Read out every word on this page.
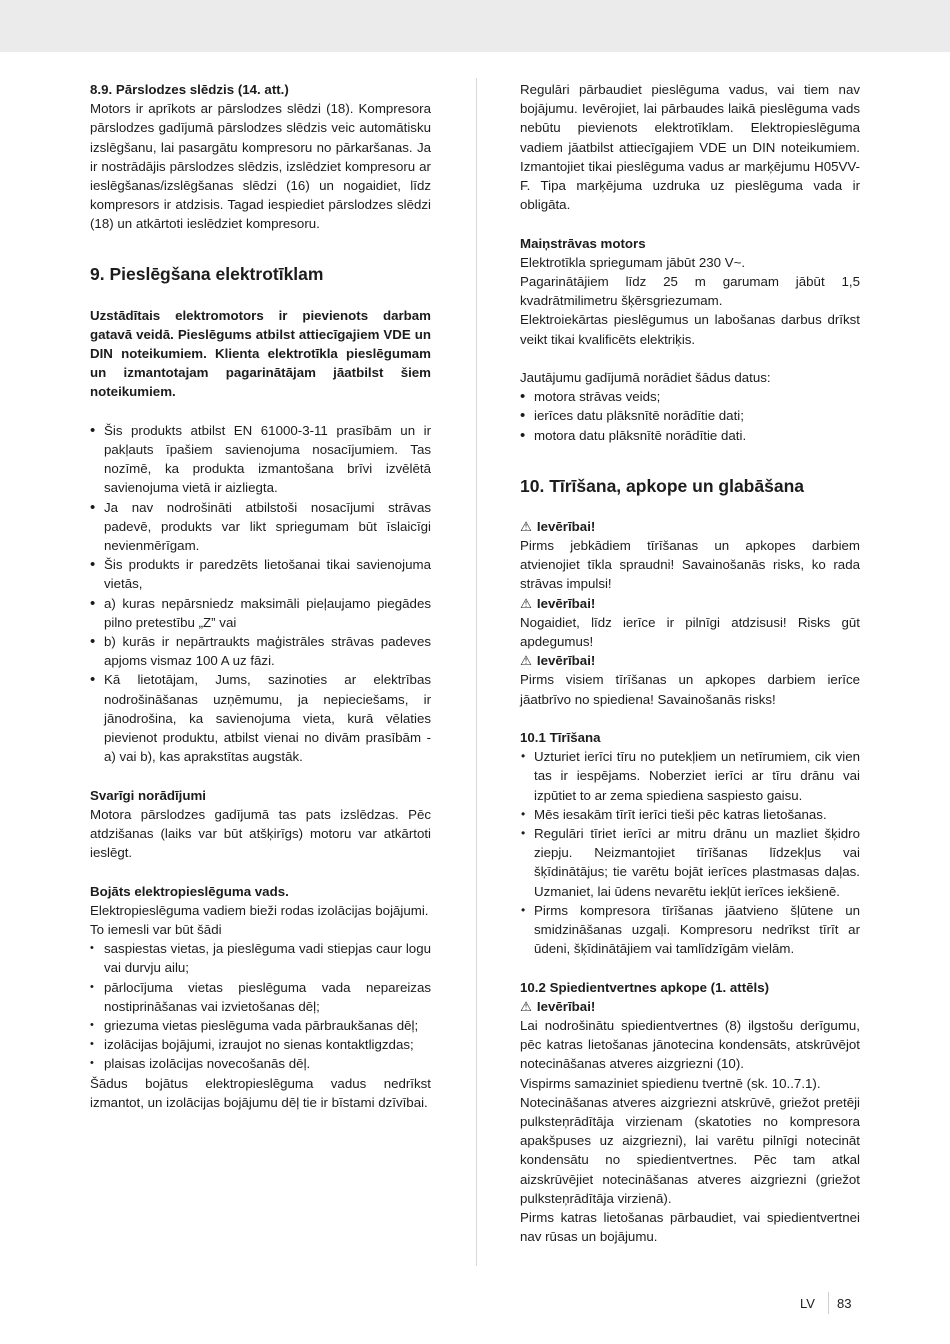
8.9. Pārslodzes slēdzis (14. att.)

Motors ir aprīkots ar pārslodzes slēdzi (18). Kompresora pārslodzes gadījumā pārslodzes slēdzis veic automātisku izslēgšanu, lai pasargātu kompresoru no pārkaršanas. Ja ir nostrādājis pārslodzes slēdzis, izslēdziet kompresoru ar ieslēgšanas/izslēgšanas slēdzi (16) un nogaidiet, līdz kompresors ir atdzisis. Tagad iespiediet pārslodzes slēdzi (18) un atkārtoti ieslēdziet kompresoru.

9. Pieslēgšana elektrotīklam

Uzstādītais elektromotors ir pievienots darbam gatavā veidā. Pieslēgums atbilst attiecīgajiem VDE un DIN noteikumiem. Klienta elektrotīkla pieslēgumam un izmantotajam pagarinātājam jāatbilst šiem noteikumiem.

• Šis produkts atbilst EN 61000-3-11 prasībām un ir pakļauts īpašiem savienojuma nosacījumiem. Tas nozīmē, ka produkta izmantošana brīvi izvēlētā savienojuma vietā ir aizliegta.
• Ja nav nodrošināti atbilstoši nosacījumi strāvas padevē, produkts var likt spriegumam būt īslaicīgi nevienmērīgam.
• Šis produkts ir paredzēts lietošanai tikai savienojuma vietās,
• a) kuras nepārsniedz maksimāli pieļaujamo piegādes pilno pretestību „Z” vai
• b) kurās ir nepārtraukts maģistrāles strāvas padeves apjoms vismaz 100 A uz fāzi.
• Kā lietotājam, Jums, sazinoties ar elektrības nodrošināšanas uzņēmumu, ja nepieciešams, ir jānodrošina, ka savienojuma vieta, kurā vēlaties pievienot produktu, atbilst vienai no divām prasībām - a) vai b), kas aprakstītas augstāk.

Svarīgi norādījumi

Motora pārslodzes gadījumā tas pats izslēdzas. Pēc atdzišanas (laiks var būt atšķirīgs) motoru var atkārtoti ieslēgt.

Bojāts elektropieslēguma vads.

Elektropieslēguma vadiem bieži rodas izolācijas bojājumi.

To iemesli var būt šādi

• saspiestas vietas, ja pieslēguma vadi stiepjas caur logu vai durvju ailu;
• pārlocījuma vietas pieslēguma vada nepareizas nostiprināšanas vai izvietošanas dēļ;
• griezuma vietas pieslēguma vada pārbraukšanas dēļ;
• izolācijas bojājumi, izraujot no sienas kontaktligzdas;
• plaisas izolācijas novecošanās dēļ.

Šādus bojātus elektropieslēguma vadus nedrīkst izmantot, un izolācijas bojājumu dēļ tie ir bīstami dzīvībai.

Regulāri pārbaudiet pieslēguma vadus, vai tiem nav bojājumu. Ievērojiet, lai pārbaudes laikā pieslēguma vads nebūtu pievienots elektrotīklam. Elektropieslēguma vadiem jāatbilst attiecīgajiem VDE un DIN noteikumiem. Izmantojiet tikai pieslēguma vadus ar marķējumu H05VV-F. Tipa marķējuma uzdruka uz pieslēguma vada ir obligāta.

Maiņstrāvas motors

Elektrotīkla spriegumam jābūt 230 V~.

Pagarinātājiem līdz 25 m garumam jābūt 1,5 kvadrātmilimetru šķērsgriezumam.

Elektroiekārtas pieslēgumus un labošanas darbus drīkst veikt tikai kvalificēts elektriķis.

Jautājumu gadījumā norādiet šādus datus:

• motora strāvas veids;
• ierīces datu plāksnītē norādītie dati;
• motora datu plāksnītē norādītie dati.
10. Tīrīšana, apkope un glabāšana

⚠ Ievērībai!

Pirms jebkādiem tīrīšanas un apkopes darbiem atvienojiet tīkla spraudni! Savainošanās risks, ko rada strāvas impulsi!

⚠ Ievērībai!

Nogaidiet, līdz ierīce ir pilnīgi atdzisusi! Risks gūt apdegumus!

⚠ Ievērībai!

Pirms visiem tīrīšanas un apkopes darbiem ierīce jāatbrīvo no spiediena! Savainošanās risks!

10.1 Tīrīšana

• Uzturiet ierīci tīru no putekļiem un netīrumiem, cik vien tas ir iespējams. Noberziet ierīci ar tīru drānu vai izpūtiet to ar zema spiediena saspiesto gaisu.
• Mēs iesakām tīrīt ierīci tieši pēc katras lietošanas.
• Regulāri tīriet ierīci ar mitru drānu un mazliet šķidro ziepju. Neizmantojiet tīrīšanas līdzekļus vai šķīdinātājus; tie varētu bojāt ierīces plastmasas daļas. Uzmaniet, lai ūdens nevarētu iekļūt ierīces iekšienē.
• Pirms kompresora tīrīšanas jāatvieno šļūtene un smidzināšanas uzgaļi. Kompresoru nedrīkst tīrīt ar ūdeni, šķīdinātājiem vai tamlīdzīgām vielām.

10.2 Spiedientvertnes apkope (1. attēls)

⚠ Ievērībai!

Lai nodrošinātu spiedientvertnes (8) ilgstošu derīgumu, pēc katras lietošanas jānotecina kondensāts, atskrūvējot notecināšanas atveres aizgriezni (10).

Vispirms samaziniet spiedienu tvertnē (sk. 10..7.1).

Notecināšanas atveres aizgriezni atskrūvē, griežot pretēji pulksteņrādītāja virzienam (skatoties no kompresora apakšpuses uz aizgriezni), lai varētu pilnīgi notecināt kondensātu no spiedientvertnes. Pēc tam atkal aizskrūvējiet notecināšanas atveres aizgriezni (griežot pulksteņrādītāja virzienā).

Pirms katras lietošanas pārbaudiet, vai spiedientvertnei nav rūsas un bojājumu.

LV 83
